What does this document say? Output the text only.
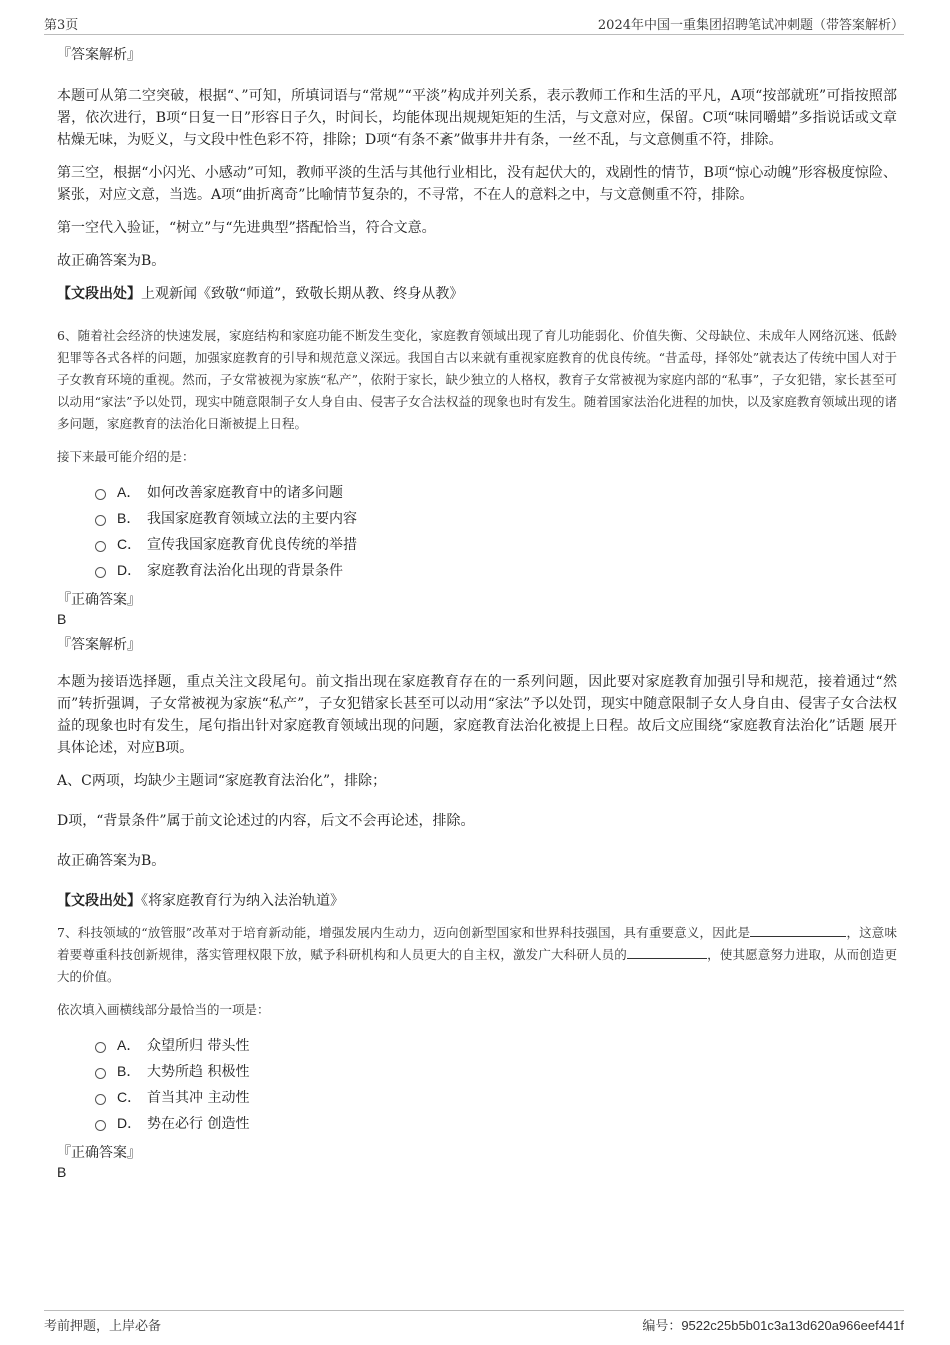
第3页	2024年中国一重集团招聘笔试冲刺题（带答案解析）
『答案解析』

本题可从第二空突破，根据“、”可知，所填词语与“常规”“平淡”构成并列关系，表示教师工作和生活的平凡，A项“按部就班”可指按照部署，依次进行，B项“日复一日”形容日子久，时间长，均能体现出规规矩矩的生活，与文意对应，保留。C项“味同嚼蜡”多指说话或文章枯燥无味，为贬义，与文段中性色彩不符，排除；D项“有条不紊”做事井井有条，一丝不乱，与文意侧重不符，排除。

第三空，根据“小闪光、小感动”可知，教师平淡的生活与其他行业相比，没有起伏大的，戏剧性的情节，B项“惊心动魄”形容极度惊险、紧张，对应文意，当选。A项“曲折离奇”比喻情节复杂的，不寻常，不在人的意料之中，与文意侧重不符，排除。

第一空代入验证，“树立”与“先进典型”搭配恰当，符合文意。

故正确答案为B。

【文段出处】上观新闻《致敬“师道”，致敬长期从教、终身从教》

6、随着社会经济的快速发展，家庭结构和家庭功能不断发生变化，家庭教育领域出现了育儿功能弱化、价值失衡、父母缺位、未成年人网络沉迷、低龄犯罪等各式各样的问题，加强家庭教育的引导和规范意义深远。我国自古以来就有重视家庭教育的优良传统。“昔孟母，择邻处”就表达了传统中国人对于子女教育环境的重视。然而，子女常被视为家族“私产”，依附于家长，缺少独立的人格权，教育子女常被视为家庭内部的“私事”，子女犯错，家长甚至可以动用“家法”予以处罚，现实中随意限制子女人身自由、侵害子女合法权益的现象也时有发生。随着国家法治化进程的加快，以及家庭教育领域出现的诸多问题，家庭教育的法治化日渐被提上日程。

接下来最可能介绍的是：
A． 如何改善家庭教育中的诸多问题
B． 我国家庭教育领域立法的主要内容
C． 宣传我国家庭教育优良传统的举措
D． 家庭教育法治化出现的背景条件
『正确答案』
B
『答案解析』

本题为接语选择题，重点关注文段尾句。前文指出现在家庭教育存在的一系列问题，因此要对家庭教育加强引导和规范，接着通过“然而”转折强调，子女常被视为家族“私产”，子女犯错家长甚至可以动用“家法”予以处罚，现实中随意限制子女人身自由、侵害子女合法权益的现象也时有发生，尾句指出针对家庭教育领域出现的问题，家庭教育法治化被提上日程。故后文应围绕“家庭教育法治化”话题 展开 具体论述，对应B项。

A、C两项，均缺少主题词“家庭教育法治化”，排除；

D项，“背景条件”属于前文论述过的内容，后文不会再论述，排除。

故正确答案为B。

【文段出处】《将家庭教育行为纳入法治轨道》

7、科技领域的“放管服”改革对于培育新动能，增强发展内生动力，迈向创新型国家和世界科技强国，具有重要意义，因此是	，这意味着要尊重科技创新规律，落实管理权限下放，赋予科研机构和人员更大的自主权，激发广大科研人员的	，使其愿意努力进取，从而创造更大的价值。

依次填入画横线部分最恰当的一项是：
A． 众望所归 带头性
B． 大势所趋 积极性
C． 首当其冲 主动性
D． 势在必行 创造性
『正确答案』
B
考前押题，上岸必备	编号：9522c25b5b01c3a13d620a966eef441f
